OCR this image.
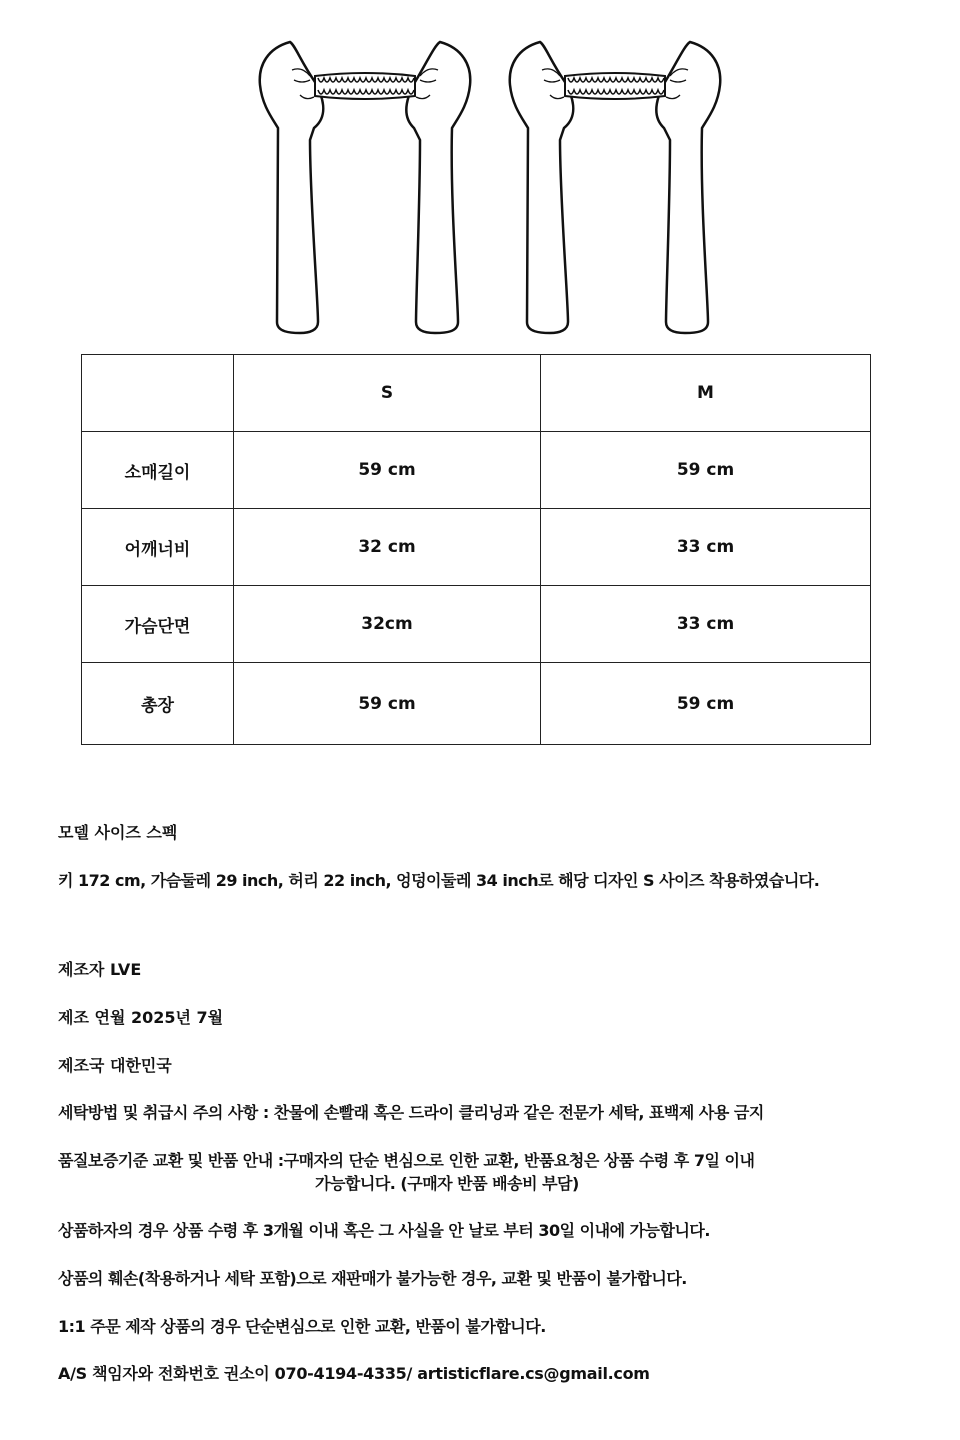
	S	M
소매길이	59 cm	59 cm
어깨너비	32 cm	33 cm
가슴단면	32cm	33 cm
총장	59 cm	59 cm

모델 사이즈 스펙

키 172 cm, 가슴둘레 29 inch, 허리 22 inch, 엉덩이둘레 34 inch로 해당 디자인 S 사이즈 착용하였습니다.

제조자 LVE

제조 연월 2025년 7월

제조국 대한민국

세탁방법 및 취급시 주의 사항 : 찬물에 손빨래 혹은 드라이 클리닝과 같은 전문가 세탁, 표백제 사용 금지

품질보증기준 교환 및 반품 안내 :구매자의 단순 변심으로 인한 교환, 반품요청은 상품 수령 후 7일 이내

가능합니다. (구매자 반품 배송비 부담)

상품하자의 경우 상품 수령 후 3개월 이내 혹은 그 사실을 안 날로 부터 30일 이내에 가능합니다.

상품의 훼손(착용하거나 세탁 포함)으로 재판매가 불가능한 경우, 교환 및 반품이 불가합니다.

1:1 주문 제작 상품의 경우 단순변심으로 인한 교환, 반품이 불가합니다.

A/S 책임자와 전화번호 권소이 070-4194-4335/ artisticflare.cs@gmail.com
